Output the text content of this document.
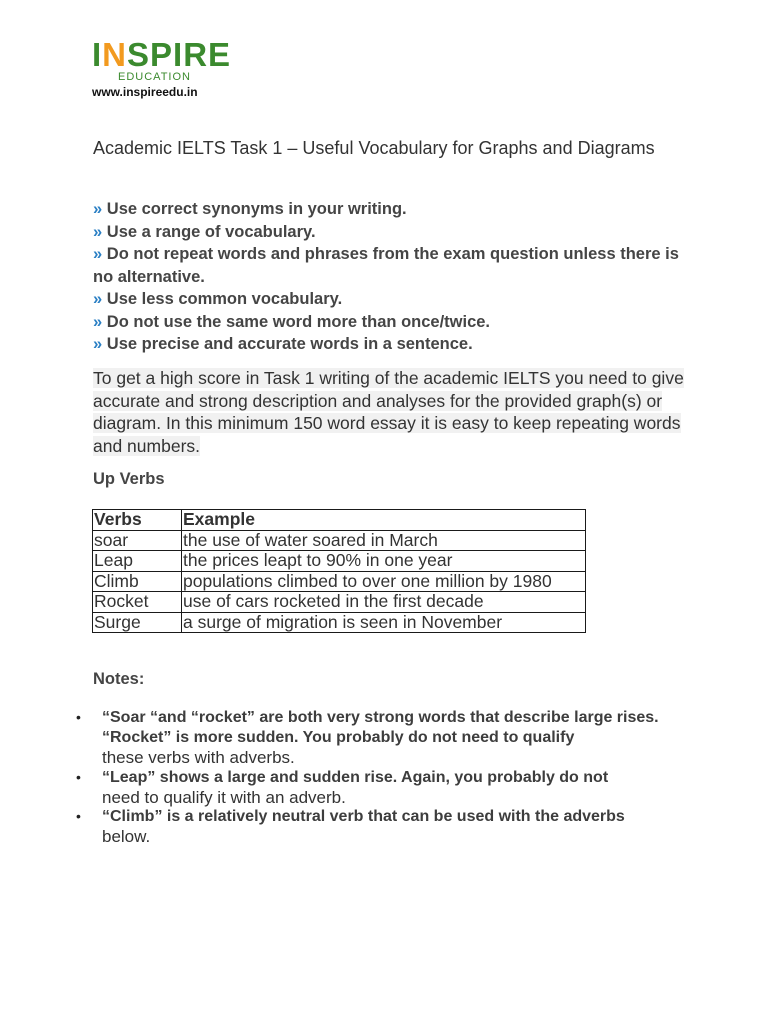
INSPIRE
EDUCATION
www.inspireedu.in
Academic IELTS Task 1 – Useful Vocabulary for Graphs and Diagrams
» Use correct synonyms in your writing.
» Use a range of vocabulary.
» Do not repeat words and phrases from the exam question unless there is no alternative.
» Use less common vocabulary.
» Do not use the same word more than once/twice.
» Use precise and accurate words in a sentence.

To get a high score in Task 1 writing of the academic IELTS you need to give accurate and strong description and analyses for the provided graph(s) or diagram. In this minimum 150 word essay it is easy to keep repeating words and numbers.

Up Verbs
Verbs	Example
soar	the use of water soared in March
Leap	the prices leapt to 90% in one year
Climb	populations climbed to over one million by 1980
Rocket	use of cars rocketed in the first decade
Surge	a surge of migration is seen in November
Notes:
• “Soar “and “rocket” are both very strong words that describe large rises. “Rocket” is more sudden. You probably do not need to qualify

these verbs with adverbs.

• “Leap” shows a large and sudden rise. Again, you probably do not

need to qualify it with an adverb.

• “Climb” is a relatively neutral verb that can be used with the adverbs

below.
